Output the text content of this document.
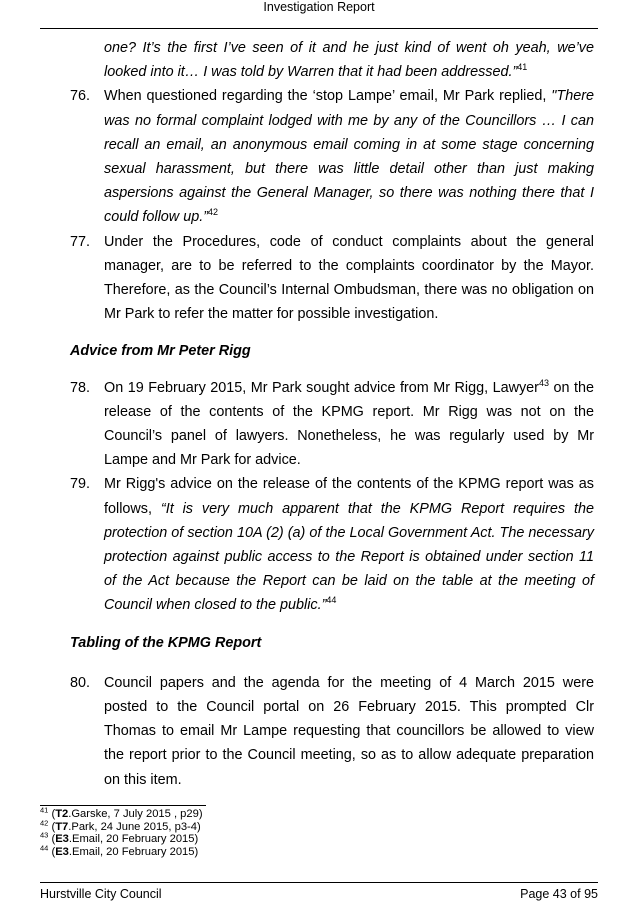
Investigation Report
one? It’s the first I’ve seen of it and he just kind of went oh yeah, we’ve looked into it… I was told by Warren that it had been addressed.”$^{41}$
76. When questioned regarding the ‘stop Lampe’ email, Mr Park replied, "There was no formal complaint lodged with me by any of the Councillors … I can recall an email, an anonymous email coming in at some stage concerning sexual harassment, but there was little detail other than just making aspersions against the General Manager, so there was nothing there that I could follow up.”$^{42}$
77. Under the Procedures, code of conduct complaints about the general manager, are to be referred to the complaints coordinator by the Mayor. Therefore, as the Council’s Internal Ombudsman, there was no obligation on Mr Park to refer the matter for possible investigation.
Advice from Mr Peter Rigg
78. On 19 February 2015, Mr Park sought advice from Mr Rigg, Lawyer$^{43}$ on the release of the contents of the KPMG report. Mr Rigg was not on the Council’s panel of lawyers. Nonetheless, he was regularly used by Mr Lampe and Mr Park for advice.
79. Mr Rigg's advice on the release of the contents of the KPMG report was as follows, “It is very much apparent that the KPMG Report requires the protection of section 10A (2) (a) of the Local Government Act. The necessary protection against public access to the Report is obtained under section 11 of the Act because the Report can be laid on the table at the meeting of Council when closed to the public.”$^{44}$
Tabling of the KPMG Report
80. Council papers and the agenda for the meeting of 4 March 2015 were posted to the Council portal on 26 February 2015. This prompted Clr Thomas to email Mr Lampe requesting that councillors be allowed to view the report prior to the Council meeting, so as to allow adequate preparation on this item.
$^{41}$ (T2.Garske, 7 July 2015 , p29)
$^{42}$ (T7.Park, 24 June 2015, p3-4)
$^{43}$ (E3.Email, 20 February 2015)
$^{44}$ (E3.Email, 20 February 2015)
Hurstville City Council	Page 43 of 95
